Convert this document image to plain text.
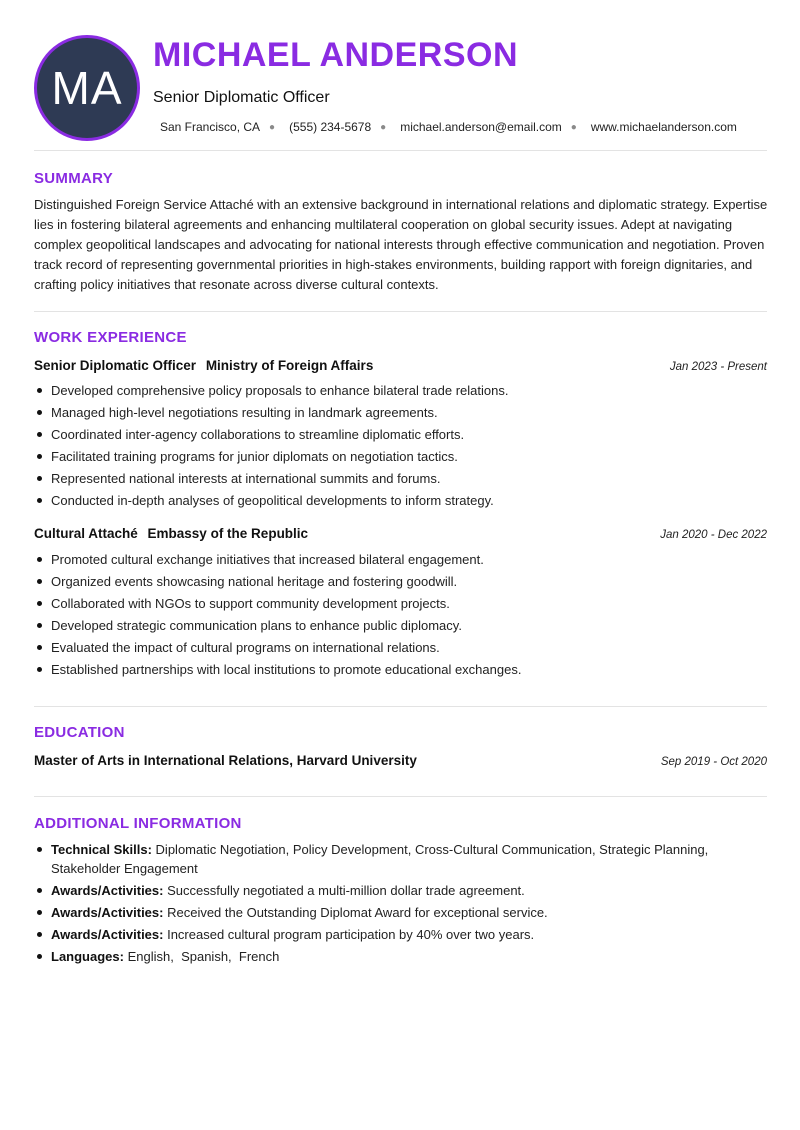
MA
MICHAEL ANDERSON
Senior Diplomatic Officer
San Francisco, CA ● (555) 234-5678 ● michael.anderson@email.com ● www.michaelanderson.com
SUMMARY

Distinguished Foreign Service Attaché with an extensive background in international relations and diplomatic strategy. Expertise lies in fostering bilateral agreements and enhancing multilateral cooperation on global security issues. Adept at navigating complex geopolitical landscapes and advocating for national interests through effective communication and negotiation. Proven track record of representing governmental priorities in high-stakes environments, building rapport with foreign dignitaries, and crafting policy initiatives that resonate across diverse cultural contexts.

WORK EXPERIENCE
Senior Diplomatic Officer Ministry of Foreign Affairs	Jan 2023 - Present
Developed comprehensive policy proposals to enhance bilateral trade relations.
Managed high-level negotiations resulting in landmark agreements.
Coordinated inter-agency collaborations to streamline diplomatic efforts.
Facilitated training programs for junior diplomats on negotiation tactics.
Represented national interests at international summits and forums.
Conducted in-depth analyses of geopolitical developments to inform strategy.
Cultural Attaché Embassy of the Republic	Jan 2020 - Dec 2022
Promoted cultural exchange initiatives that increased bilateral engagement.
Organized events showcasing national heritage and fostering goodwill.
Collaborated with NGOs to support community development projects.
Developed strategic communication plans to enhance public diplomacy.
Evaluated the impact of cultural programs on international relations.
Established partnerships with local institutions to promote educational exchanges.
EDUCATION
Master of Arts in International Relations, Harvard University	Sep 2019 - Oct 2020
ADDITIONAL INFORMATION
Technical Skills: Diplomatic Negotiation, Policy Development, Cross-Cultural Communication, Strategic Planning, Stakeholder Engagement
Awards/Activities: Successfully negotiated a multi-million dollar trade agreement.
Awards/Activities: Received the Outstanding Diplomat Award for exceptional service.
Awards/Activities: Increased cultural program participation by 40% over two years.
Languages: English,  Spanish,  French
